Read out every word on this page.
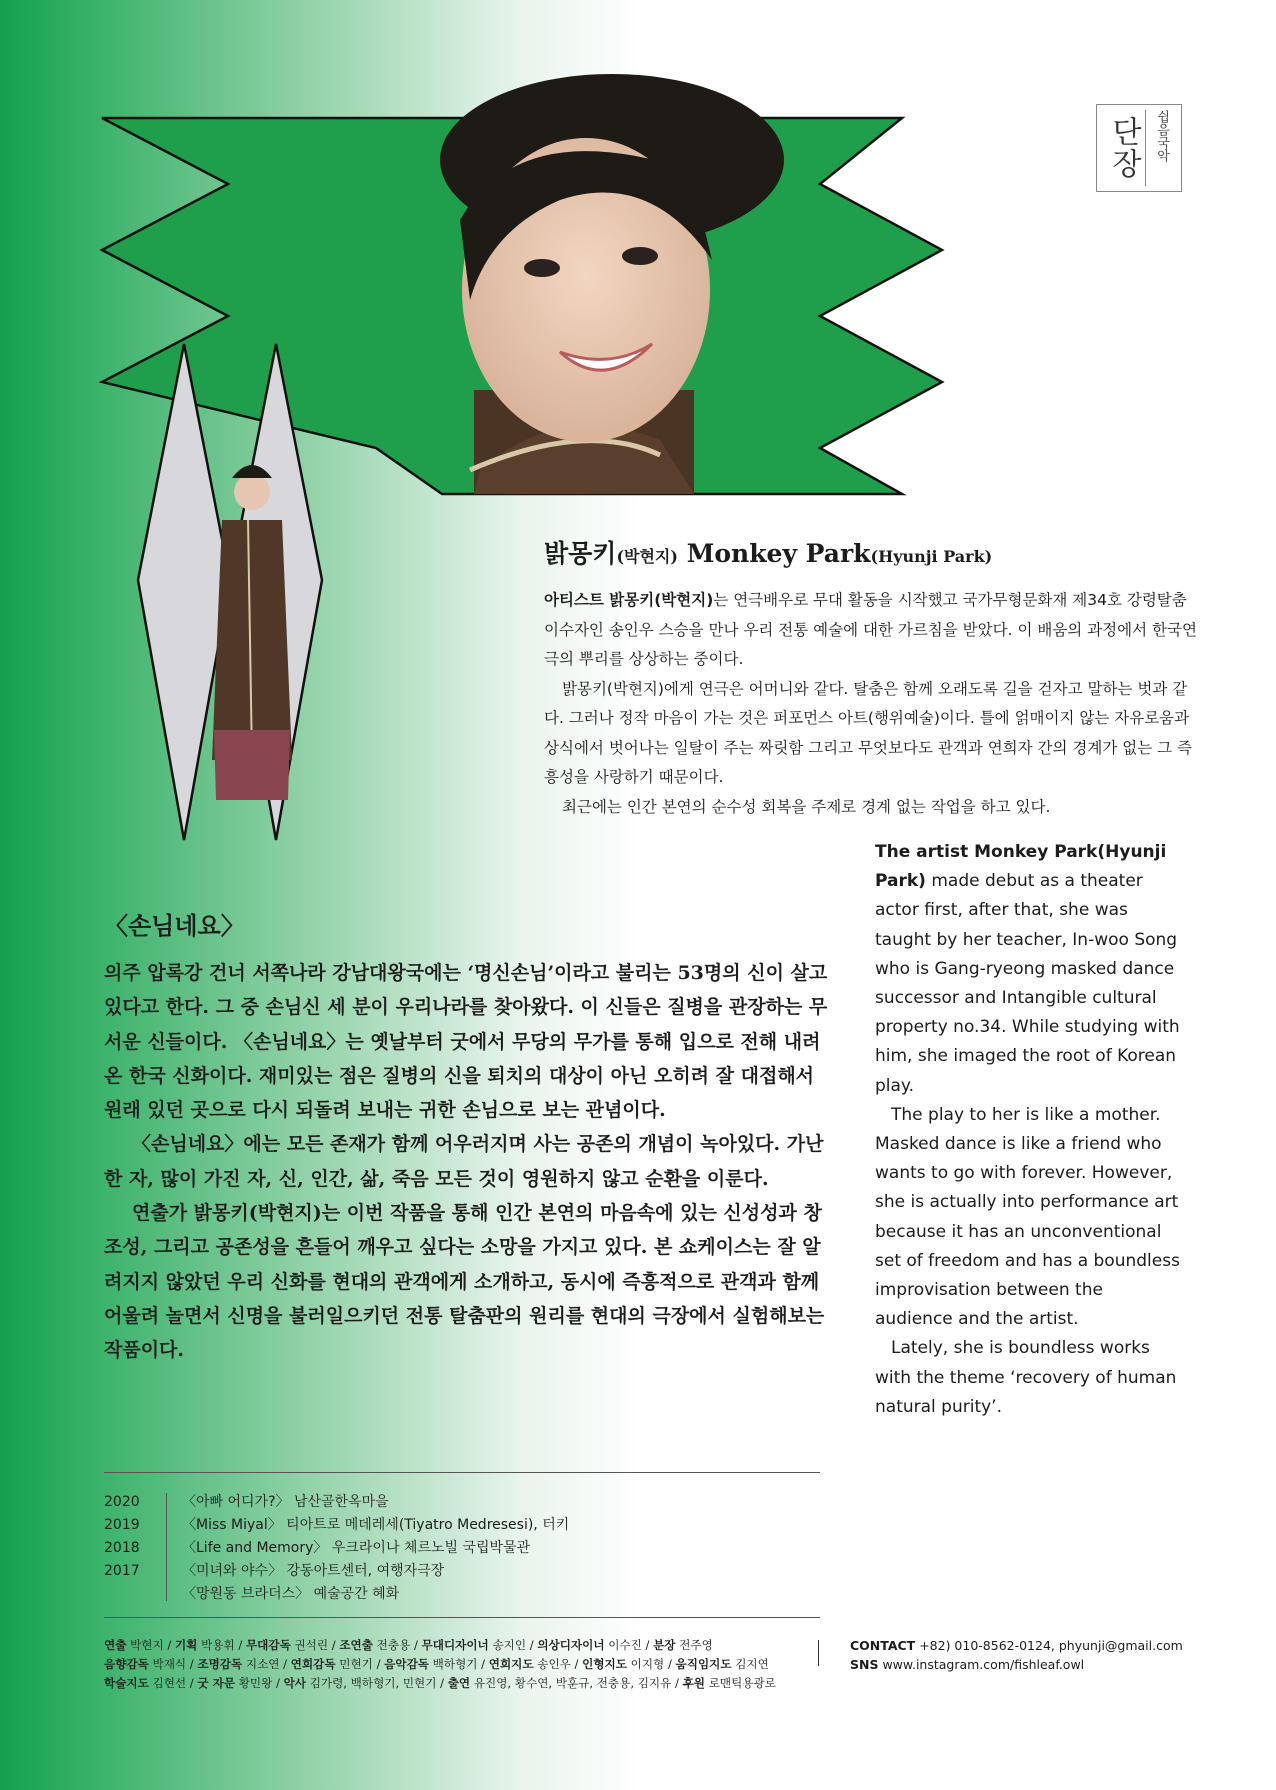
단장	쉽음국악
밝몽키(박현지) Monkey Park(Hyunji Park)

아티스트 밝몽키(박현지)는 연극배우로 무대 활동을 시작했고 국가무형문화재 제34호 강령탈춤 이수자인 송인우 스승을 만나 우리 전통 예술에 대한 가르침을 받았다. 이 배움의 과정에서 한국연극의 뿌리를 상상하는 중이다.

밝몽키(박현지)에게 연극은 어머니와 같다. 탈춤은 함께 오래도록 길을 걷자고 말하는 벗과 같다. 그러나 정작 마음이 가는 것은 퍼포먼스 아트(행위예술)이다. 틀에 얽매이지 않는 자유로움과 상식에서 벗어나는 일탈이 주는 짜릿함 그리고 무엇보다도 관객과 연희자 간의 경계가 없는 그 즉흥성을 사랑하기 때문이다.

최근에는 인간 본연의 순수성 회복을 주제로 경계 없는 작업을 하고 있다.

The artist Monkey Park(Hyunji Park) made debut as a theater actor first, after that, she was taught by her teacher, In-woo Song who is Gang-ryeong masked dance successor and Intangible cultural property no.34. While studying with him, she imaged the root of Korean play.

The play to her is like a mother. Masked dance is like a friend who wants to go with forever. However, she is actually into performance art because it has an unconventional set of freedom and has a boundless improvisation between the audience and the artist.

Lately, she is boundless works with the theme ‘recovery of human natural purity’.

〈손님네요〉

의주 압록강 건너 서쪽나라 강남대왕국에는 ‘명신손님’이라고 불리는 53명의 신이 살고 있다고 한다. 그 중 손님신 세 분이 우리나라를 찾아왔다. 이 신들은 질병을 관장하는 무서운 신들이다. 〈손님네요〉는 옛날부터 굿에서 무당의 무가를 통해 입으로 전해 내려온 한국 신화이다. 재미있는 점은 질병의 신을 퇴치의 대상이 아닌 오히려 잘 대접해서 원래 있던 곳으로 다시 되돌려 보내는 귀한 손님으로 보는 관념이다.

〈손님네요〉에는 모든 존재가 함께 어우러지며 사는 공존의 개념이 녹아있다. 가난한 자, 많이 가진 자, 신, 인간, 삶, 죽음 모든 것이 영원하지 않고 순환을 이룬다.

연출가 밝몽키(박현지)는 이번 작품을 통해 인간 본연의 마음속에 있는 신성성과 창조성, 그리고 공존성을 흔들어 깨우고 싶다는 소망을 가지고 있다. 본 쇼케이스는 잘 알려지지 않았던 우리 신화를 현대의 관객에게 소개하고, 동시에 즉흥적으로 관객과 함께 어울려 놀면서 신명을 불러일으키던 전통 탈춤판의 원리를 현대의 극장에서 실험해보는 작품이다.

2020
2019
2018
2017
〈아빠 어디가?〉 남산골한옥마을
〈Miss Miyal〉 티아트로 메데레세(Tiyatro Medresesi), 터키
〈Life and Memory〉 우크라이나 체르노빌 국립박물관
〈미녀와 야수〉 강동아트센터, 여행자극장
〈망원동 브라더스〉 예술공간 혜화
연출 박현지 / 기획 박용휘 / 무대감독 권석린 / 조연출 전충용 / 무대디자이너 송지인 / 의상디자이너 이수진 / 분장 전주영
음향감독 박재식 / 조명감독 지소연 / 연희감독 민현기 / 음악감독 백하형기 / 연희지도 송인우 / 인형지도 이지형 / 움직임지도 김지연
학술지도 김현선 / 굿 자문 황민왕 / 악사 김가령, 백하형기, 민현기 / 출연 유진영, 황수연, 박훈규, 전충용, 김지유 / 후원 로맨틱용광로
CONTACT +82) 010-8562-0124, phyunji@gmail.com
SNS www.instagram.com/fishleaf.owl
